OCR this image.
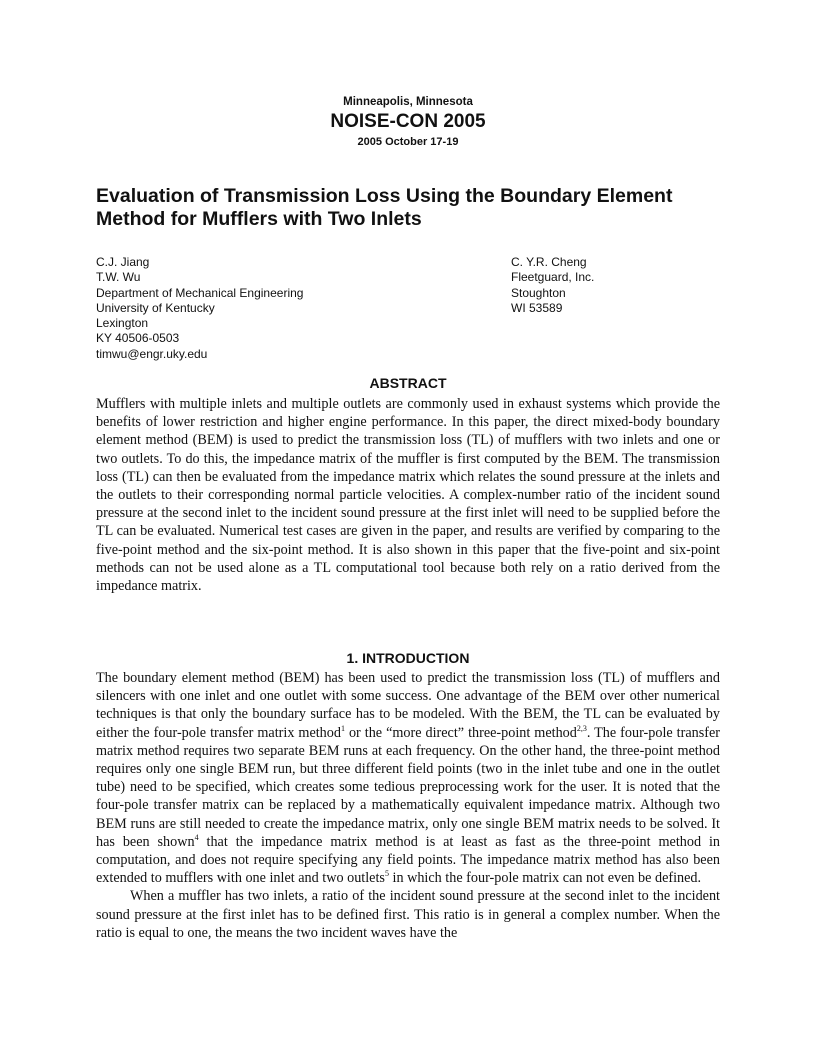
Minneapolis, Minnesota
NOISE-CON 2005
2005 October 17-19
Evaluation of Transmission Loss Using the Boundary Element Method for Mufflers with Two Inlets
C.J. Jiang
T.W. Wu
Department of Mechanical Engineering
University of Kentucky
Lexington
KY 40506-0503
timwu@engr.uky.edu
C. Y.R. Cheng
Fleetguard, Inc.
Stoughton
WI 53589
ABSTRACT

Mufflers with multiple inlets and multiple outlets are commonly used in exhaust systems which provide the benefits of lower restriction and higher engine performance. In this paper, the direct mixed-body boundary element method (BEM) is used to predict the transmission loss (TL) of mufflers with two inlets and one or two outlets. To do this, the impedance matrix of the muffler is first computed by the BEM. The transmission loss (TL) can then be evaluated from the impedance matrix which relates the sound pressure at the inlets and the outlets to their corresponding normal particle velocities. A complex-number ratio of the incident sound pressure at the second inlet to the incident sound pressure at the first inlet will need to be supplied before the TL can be evaluated. Numerical test cases are given in the paper, and results are verified by comparing to the five-point method and the six-point method. It is also shown in this paper that the five-point and six-point methods can not be used alone as a TL computational tool because both rely on a ratio derived from the impedance matrix.

1. INTRODUCTION

The boundary element method (BEM) has been used to predict the transmission loss (TL) of mufflers and silencers with one inlet and one outlet with some success. One advantage of the BEM over other numerical techniques is that only the boundary surface has to be modeled. With the BEM, the TL can be evaluated by either the four-pole transfer matrix method$^1$ or the “more direct” three-point method$^{2,3}$. The four-pole transfer matrix method requires two separate BEM runs at each frequency. On the other hand, the three-point method requires only one single BEM run, but three different field points (two in the inlet tube and one in the outlet tube) need to be specified, which creates some tedious preprocessing work for the user. It is noted that the four-pole transfer matrix can be replaced by a mathematically equivalent impedance matrix. Although two BEM runs are still needed to create the impedance matrix, only one single BEM matrix needs to be solved. It has been shown$^4$ that the impedance matrix method is at least as fast as the three-point method in computation, and does not require specifying any field points. The impedance matrix method has also been extended to mufflers with one inlet and two outlets$^5$ in which the four-pole matrix can not even be defined.

When a muffler has two inlets, a ratio of the incident sound pressure at the second inlet to the incident sound pressure at the first inlet has to be defined first. This ratio is in general a complex number. When the ratio is equal to one, the means the two incident waves have the
